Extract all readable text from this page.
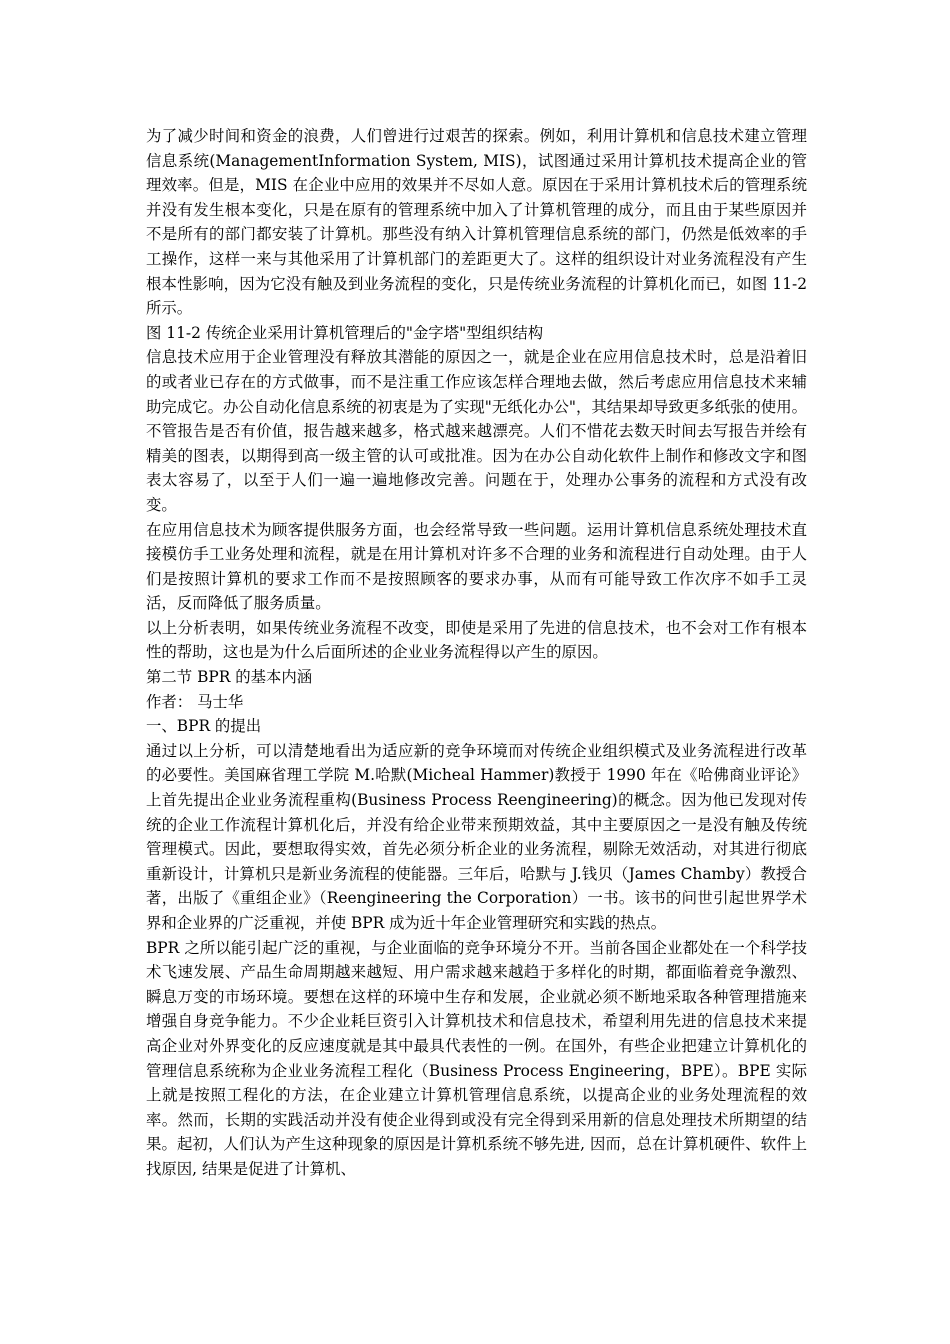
为了减少时间和资金的浪费，人们曾进行过艰苦的探索。例如，利用计算机和信息技术建立管理信息系统(ManagementInformation System, MIS)，试图通过采用计算机技术提高企业的管理效率。但是，MIS 在企业中应用的效果并不尽如人意。原因在于采用计算机技术后的管理系统并没有发生根本变化，只是在原有的管理系统中加入了计算机管理的成分，而且由于某些原因并不是所有的部门都安装了计算机。那些没有纳入计算机管理信息系统的部门，仍然是低效率的手工操作，这样一来与其他采用了计算机部门的差距更大了。这样的组织设计对业务流程没有产生根本性影响，因为它没有触及到业务流程的变化，只是传统业务流程的计算机化而已，如图 11-2 所示。

图 11-2 传统企业采用计算机管理后的"金字塔"型组织结构

信息技术应用于企业管理没有释放其潜能的原因之一，就是企业在应用信息技术时，总是沿着旧的或者业已存在的方式做事，而不是注重工作应该怎样合理地去做，然后考虑应用信息技术来辅助完成它。办公自动化信息系统的初衷是为了实现"无纸化办公"，其结果却导致更多纸张的使用。不管报告是否有价值，报告越来越多，格式越来越漂亮。人们不惜花去数天时间去写报告并绘有精美的图表，以期得到高一级主管的认可或批准。因为在办公自动化软件上制作和修改文字和图表太容易了，以至于人们一遍一遍地修改完善。问题在于，处理办公事务的流程和方式没有改变。

在应用信息技术为顾客提供服务方面，也会经常导致一些问题。运用计算机信息系统处理技术直接模仿手工业务处理和流程，就是在用计算机对许多不合理的业务和流程进行自动处理。由于人们是按照计算机的要求工作而不是按照顾客的要求办事，从而有可能导致工作次序不如手工灵活，反而降低了服务质量。

以上分析表明，如果传统业务流程不改变，即使是采用了先进的信息技术，也不会对工作有根本性的帮助，这也是为什么后面所述的企业业务流程得以产生的原因。

第二节 BPR 的基本内涵

作者： 马士华

一、BPR 的提出

通过以上分析，可以清楚地看出为适应新的竞争环境而对传统企业组织模式及业务流程进行改革的必要性。美国麻省理工学院 M.哈默(Micheal Hammer)教授于 1990 年在《哈佛商业评论》上首先提出企业业务流程重构(Business Process Reengineering)的概念。因为他已发现对传统的企业工作流程计算机化后，并没有给企业带来预期效益，其中主要原因之一是没有触及传统管理模式。因此，要想取得实效，首先必须分析企业的业务流程，剔除无效活动，对其进行彻底重新设计，计算机只是新业务流程的使能器。三年后，哈默与 J.钱贝（James Chamby）教授合著，出版了《重组企业》（Reengineering the Corporation）一书。该书的问世引起世界学术界和企业界的广泛重视，并使 BPR 成为近十年企业管理研究和实践的热点。

BPR 之所以能引起广泛的重视，与企业面临的竞争环境分不开。当前各国企业都处在一个科学技术飞速发展、产品生命周期越来越短、用户需求越来越趋于多样化的时期，都面临着竞争激烈、瞬息万变的市场环境。要想在这样的环境中生存和发展，企业就必须不断地采取各种管理措施来增强自身竞争能力。不少企业耗巨资引入计算机技术和信息技术，希望利用先进的信息技术来提高企业对外界变化的反应速度就是其中最具代表性的一例。在国外，有些企业把建立计算机化的管理信息系统称为企业业务流程工程化（Business Process Engineering，BPE）。BPE 实际上就是按照工程化的方法，在企业建立计算机管理信息系统，以提高企业的业务处理流程的效率。然而，长期的实践活动并没有使企业得到或没有完全得到采用新的信息处理技术所期望的结果。起初，人们认为产生这种现象的原因是计算机系统不够先进, 因而，总在计算机硬件、软件上找原因, 结果是促进了计算机、
